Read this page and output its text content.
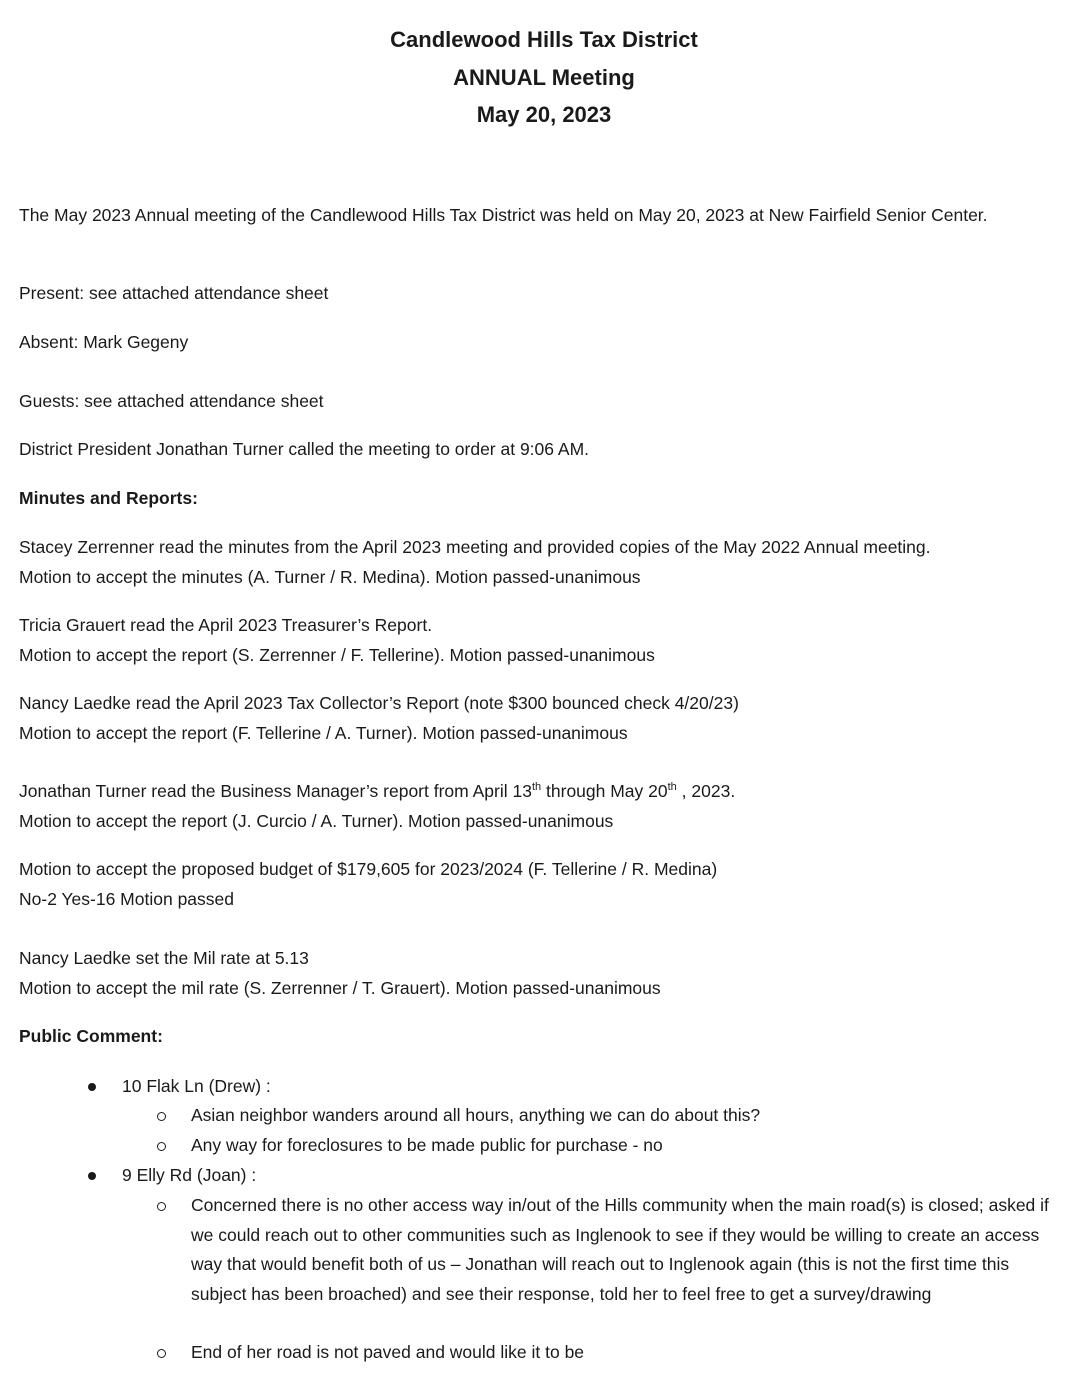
Candlewood Hills Tax District
ANNUAL Meeting
May 20, 2023

The May 2023 Annual meeting of the Candlewood Hills Tax District was held on May 20, 2023 at New Fairfield Senior Center.

Present: see attached attendance sheet

Absent: Mark Gegeny

Guests: see attached attendance sheet

District President Jonathan Turner called the meeting to order at 9:06 AM.

Minutes and Reports:

Stacey Zerrenner read the minutes from the April 2023 meeting and provided copies of the May 2022 Annual meeting.
Motion to accept the minutes (A. Turner / R. Medina). Motion passed-unanimous
Tricia Grauert read the April 2023 Treasurer’s Report.
Motion to accept the report (S. Zerrenner / F. Tellerine). Motion passed-unanimous
Nancy Laedke read the April 2023 Tax Collector’s Report (note $300 bounced check 4/20/23)
Motion to accept the report (F. Tellerine / A. Turner). Motion passed-unanimous
Jonathan Turner read the Business Manager’s report from April 13th through May 20th , 2023.
Motion to accept the report (J. Curcio / A. Turner). Motion passed-unanimous
Motion to accept the proposed budget of $179,605 for 2023/2024 (F. Tellerine / R. Medina)
No-2 Yes-16 Motion passed
Nancy Laedke set the Mil rate at 5.13
Motion to accept the mil rate (S. Zerrenner / T. Grauert). Motion passed-unanimous

Public Comment:

10 Flak Ln (Drew) :
Asian neighbor wanders around all hours, anything we can do about this?
Any way for foreclosures to be made public for purchase - no
9 Elly Rd (Joan) :
Concerned there is no other access way in/out of the Hills community when the main road(s) is closed; asked if we could reach out to other communities such as Inglenook to see if they would be willing to create an access way that would benefit both of us – Jonathan will reach out to Inglenook again (this is not the first time this subject has been broached) and see their response, told her to feel free to get a survey/drawing
End of her road is not paved and would like it to be
